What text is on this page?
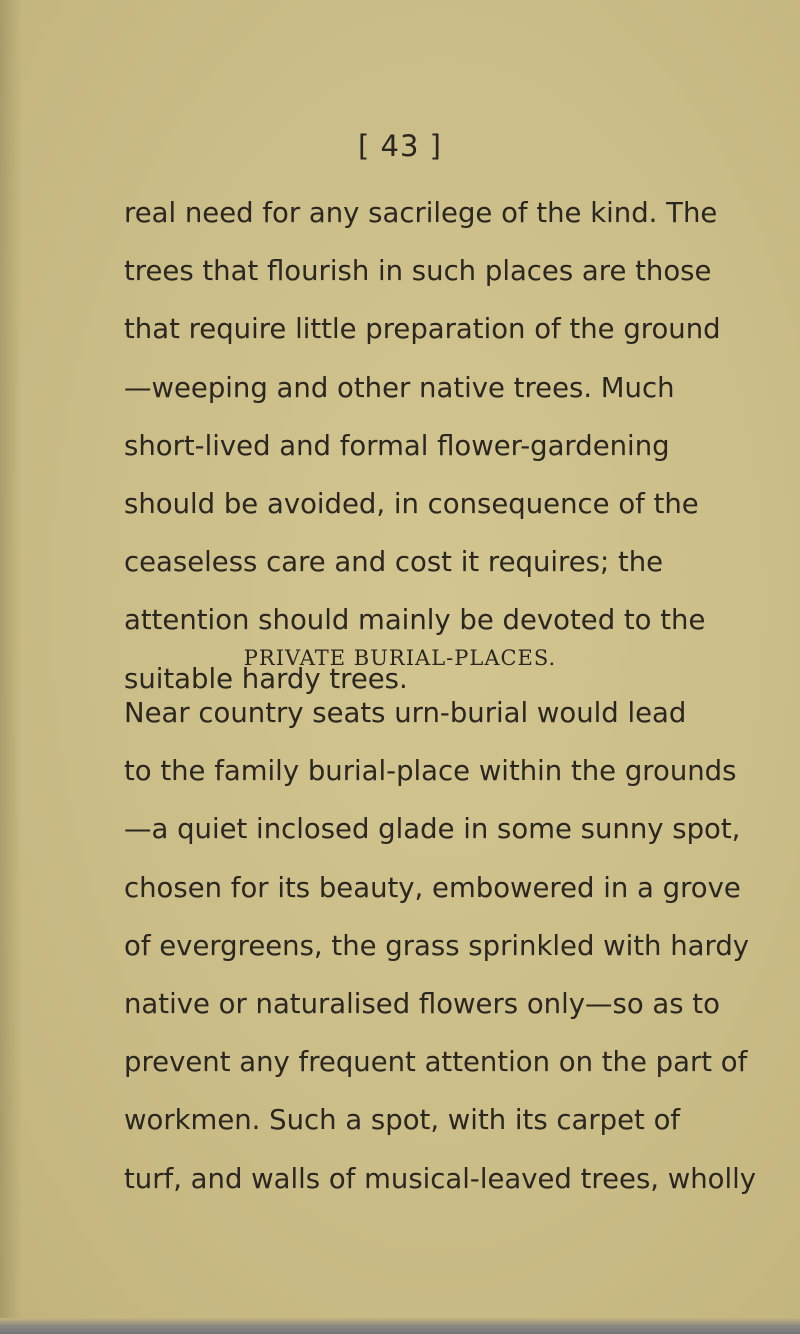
[ 43 ]
real need for any sacrilege of the kind. The
trees that flourish in such places are those
that require little preparation of the ground
—weeping and other native trees. Much
short-lived and formal flower-gardening
should be avoided, in consequence of the
ceaseless care and cost it requires; the
attention should mainly be devoted to the
suitable hardy trees.
PRIVATE BURIAL-PLACES.
Near country seats urn-burial would lead
to the family burial-place within the grounds
—a quiet inclosed glade in some sunny spot,
chosen for its beauty, embowered in a grove
of evergreens, the grass sprinkled with hardy
native or naturalised flowers only—so as to
prevent any frequent attention on the part of
workmen. Such a spot, with its carpet of
turf, and walls of musical-leaved trees, wholly
